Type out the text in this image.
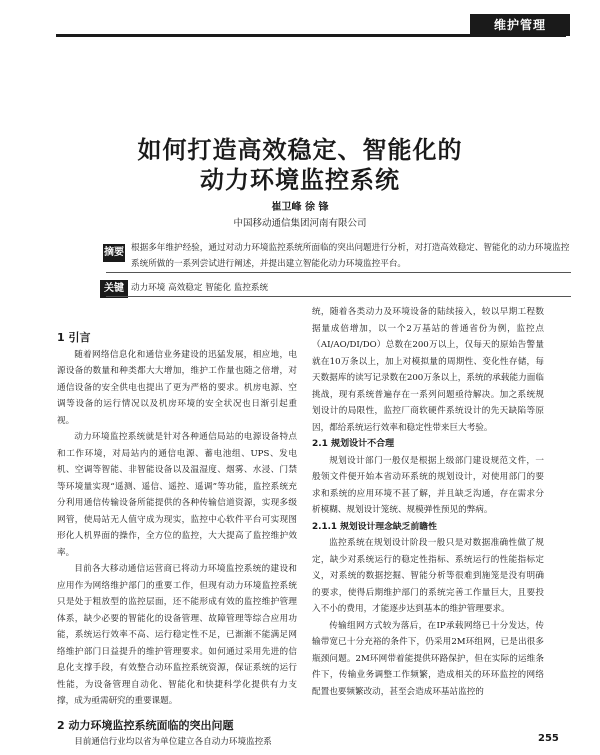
维护管理
如何打造高效稳定、智能化的
动力环境监控系统
崔卫峰 徐 锋
中国移动通信集团河南有限公司
摘要 根据多年维护经验，通过对动力环境监控系统所面临的突出问题进行分析，对打造高效稳定、智能化的动力环境监控系统所做的一系列尝试进行阐述，并提出建立智能化动力环境监控平台。
关键词
动力环境 高效稳定 智能化 监控系统

1 引言

随着网络信息化和通信业务建设的迅猛发展，相应地，电源设备的数量和种类都大大增加，维护工作量也随之倍增，对通信设备的安全供电也提出了更为严格的要求。机房电源、空调等设备的运行情况以及机房环境的安全状况也日渐引起重视。

动力环境监控系统就是针对各种通信局站的电源设备特点和工作环境，对局站内的通信电源、蓄电池组、UPS、发电机、空调等智能、非智能设备以及温湿度、烟雾、水浸、门禁等环境量实现“遥测、遥信、遥控、遥调”等功能，监控系统充分利用通信传输设备所能提供的各种传输信道资源，实现多级网管，使局站无人值守成为现实，监控中心软件平台可实现图形化人机界面的操作，全方位的监控，大大提高了监控维护效率。

目前各大移动通信运营商已将动力环境监控系统的建设和应用作为网络维护部门的重要工作，但现有动力环境监控系统只是处于粗放型的监控层面，还不能形成有效的监控维护管理体系，缺少必要的智能化的设备管理、故障管理等综合应用功能，系统运行效率不高、运行稳定性不足，已渐渐不能满足网络维护部门日益提升的维护管理要求。如何通过采用先进的信息化支撑手段，有效整合动环监控系统资源，保证系统的运行性能，为设备管理自动化、智能化和快捷科学化提供有力支撑，成为亟需研究的重要课题。

2 动力环境监控系统面临的突出问题

目前通信行业均以省为单位建立各自动力环境监控系

统，随着各类动力及环境设备的陆续接入，较以早期工程数据量成倍增加，以一个2万基站的普通省份为例，监控点（AI/AO/DI/DO）总数在200万以上，仅每天的原始告警量就在10万条以上，加上对模拟量的周期性、变化性存储，每天数据库的读写记录数在200万条以上，系统的承载能力面临挑战，现有系统普遍存在一系列问题亟待解决。加之系统规划设计的局限性，监控厂商软硬件系统设计的先天缺陷等原因，都给系统运行效率和稳定性带来巨大考验。

2.1 规划设计不合理

规划设计部门一般仅是根据上级部门建设规范文件，一般领文件便开始本省动环系统的规划设计，对使用部门的要求和系统的应用环境不甚了解，并且缺乏沟通，存在需求分析模糊、规划设计笼统、规模弹性预见的弊病。

2.1.1 规划设计理念缺乏前瞻性

监控系统在规划设计阶段一般只是对数据准确性做了规定，缺少对系统运行的稳定性指标、系统运行的性能指标定义，对系统的数据挖掘、智能分析等很难到施笼是没有明确的要求，使得后期维护部门的系统完善工作量巨大，且要投入不小的费用，才能逐步达到基本的维护管理要求。

传输组网方式较为落后，在IP承载网络已十分发达，传输带宽已十分充裕的条件下，仍采用2M环组网，已是出很多瓶颈问题。2M环网带着能提供环路保护，但在实际的运维条件下，传输业务调整工作频繁，造成相关的环环监控的网络配置也要频繁改动，甚至会造成环基站监控的

255
